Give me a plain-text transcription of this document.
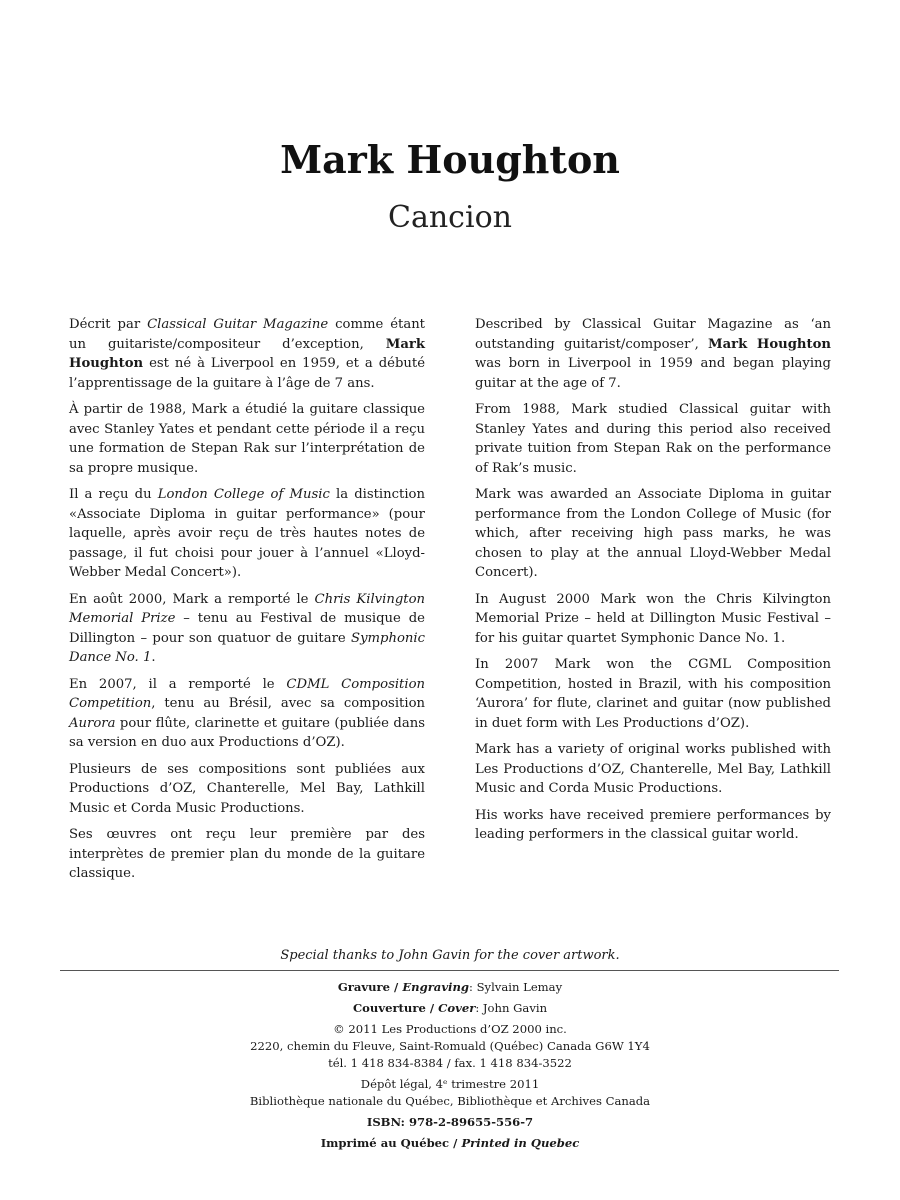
Mark Houghton
Cancion

Décrit par Classical Guitar Magazine comme étant un guitariste/compositeur d’exception, Mark Houghton est né à Liverpool en 1959, et a débuté l’apprentissage de la guitare à l’âge de 7 ans.

À partir de 1988, Mark a étudié la guitare classique avec Stanley Yates et pendant cette période il a reçu une formation de Stepan Rak sur l’interprétation de sa propre musique.

Il a reçu du London College of Music la distinction «Associate Diploma in guitar performance» (pour laquelle, après avoir reçu de très hautes notes de passage, il fut choisi pour jouer à l’annuel «Lloyd-Webber Medal Concert»).

En août 2000, Mark a remporté le Chris Kilvington Memorial Prize – tenu au Festival de musique de Dillington – pour son quatuor de guitare Symphonic Dance No. 1.

En 2007, il a remporté le CDML Composition Competition, tenu au Brésil, avec sa composition Aurora pour flûte, clarinette et guitare (publiée dans sa version en duo aux Productions d’OZ).

Plusieurs de ses compositions sont publiées aux Productions d’OZ, Chanterelle, Mel Bay, Lathkill Music et Corda Music Productions.

Ses œuvres ont reçu leur première par des interprètes de premier plan du monde de la guitare classique.

Described by Classical Guitar Magazine as ‘an outstanding guitarist/composer’, Mark Houghton was born in Liverpool in 1959 and began playing guitar at the age of 7.

From 1988, Mark studied Classical guitar with Stanley Yates and during this period also received private tuition from Stepan Rak on the performance of Rak’s music.

Mark was awarded an Associate Diploma in guitar performance from the London College of Music (for which, after receiving high pass marks, he was chosen to play at the annual Lloyd-Webber Medal Concert).

In August 2000 Mark won the Chris Kilvington Memorial Prize – held at Dillington Music Festival – for his guitar quartet Symphonic Dance No. 1.

In 2007 Mark won the CGML Composition Competition, hosted in Brazil, with his composition ‘Aurora’ for flute, clarinet and guitar (now published in duet form with Les Productions d’OZ).

Mark has a variety of original works published with Les Productions d’OZ, Chanterelle, Mel Bay, Lathkill Music and Corda Music Productions.

His works have received premiere performances by leading performers in the classical guitar world.

Special thanks to John Gavin for the cover artwork.
Gravure / Engraving: Sylvain Lemay
Couverture / Cover: John Gavin
© 2011 Les Productions d’OZ 2000 inc.
2220, chemin du Fleuve, Saint-Romuald (Québec) Canada G6W 1Y4
tél. 1 418 834-8384 / fax. 1 418 834-3522
Dépôt légal, 4ᵉ trimestre 2011
Bibliothèque nationale du Québec, Bibliothèque et Archives Canada
ISBN: 978-2-89655-556-7
Imprimé au Québec / Printed in Quebec
